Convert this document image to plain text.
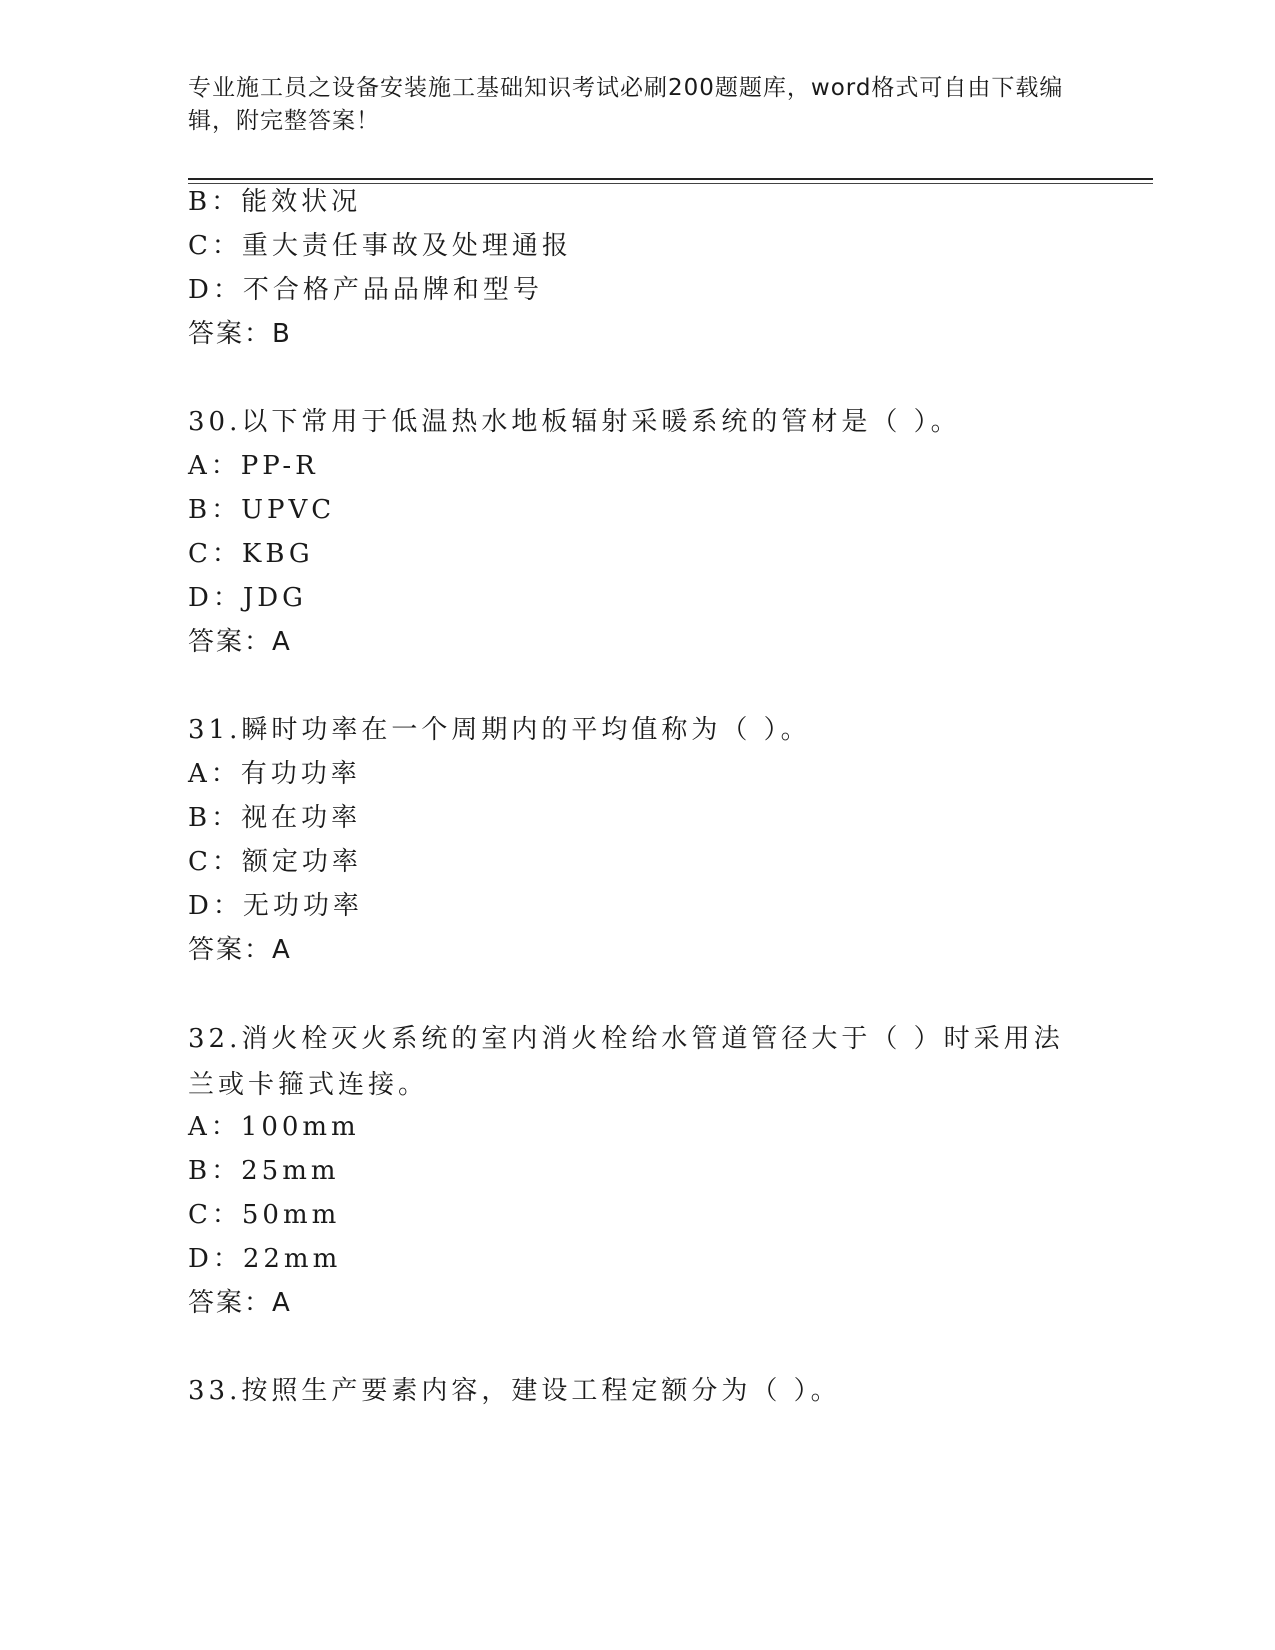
专业施工员之设备安装施工基础知识考试必刷200题题库，word格式可自由下载编辑，附完整答案！
B：能效状况
C：重大责任事故及处理通报
D：不合格产品品牌和型号
答案：B
30.以下常用于低温热水地板辐射采暖系统的管材是（ ）。
A：PP-R
B：UPVC
C：KBG
D：JDG
答案：A
31.瞬时功率在一个周期内的平均值称为（ ）。
A：有功功率
B：视在功率
C：额定功率
D：无功功率
答案：A
32.消火栓灭火系统的室内消火栓给水管道管径大于（ ）时采用法兰或卡箍式连接。
A：100mm
B：25mm
C：50mm
D：22mm
答案：A
33.按照生产要素内容，建设工程定额分为（ ）。
